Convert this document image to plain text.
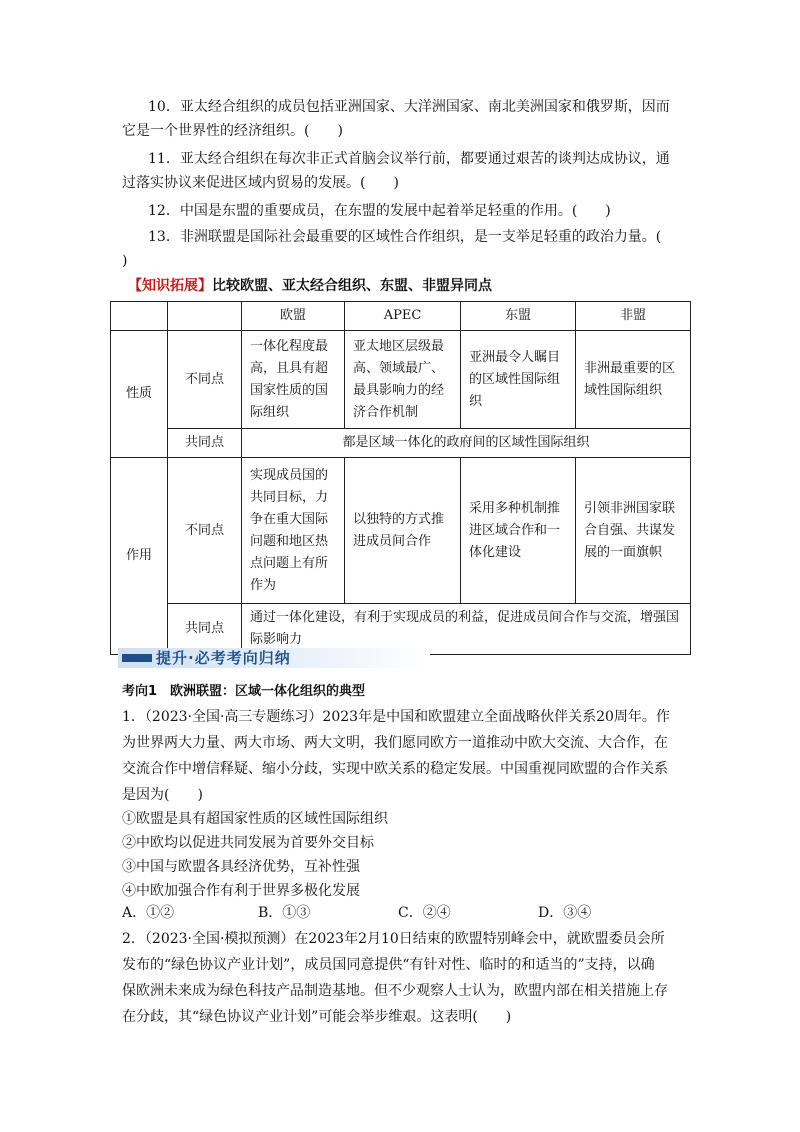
10．亚太经合组织的成员包括亚洲国家、大洋洲国家、南北美洲国家和俄罗斯，因而
它是一个世界性的经济组织。(　　)
11．亚太经合组织在每次非正式首脑会议举行前，都要通过艰苦的谈判达成协议，通
过落实协议来促进区域内贸易的发展。(　　)
12．中国是东盟的重要成员，在东盟的发展中起着举足轻重的作用。(　　)
13．非洲联盟是国际社会最重要的区域性合作组织，是一支举足轻重的政治力量。(
)
【知识拓展】比较欧盟、亚太经合组织、东盟、非盟异同点
		欧盟	APEC	东盟	非盟
性质	不同点	一体化程度最高，且具有超国家性质的国际组织	亚太地区层级最高、领域最广、最具影响力的经济合作机制	亚洲最令人瞩目的区域性国际组织	非洲最重要的区域性国际组织
	共同点	都是区域一体化的政府间的区域性国际组织			
作用	不同点	实现成员国的共同目标，力争在重大国际问题和地区热点问题上有所作为	以独特的方式推进成员间合作	采用多种机制推进区域合作和一体化建设	引领非洲国家联合自强、共谋发展的一面旗帜
	共同点	通过一体化建设，有利于实现成员的利益，促进成员间合作与交流，增强国际影响力			
提升·必考考向归纳
考向1　欧洲联盟：区域一体化组织的典型
1．（2023·全国·高三专题练习）2023年是中国和欧盟建立全面战略伙伴关系20周年。作
为世界两大力量、两大市场、两大文明，我们愿同欧方一道推动中欧大交流、大合作，在
交流合作中增信释疑、缩小分歧，实现中欧关系的稳定发展。中国重视同欧盟的合作关系
是因为(　　)
①欧盟是具有超国家性质的区域性国际组织
②中欧均以促进共同发展为首要外交目标
③中国与欧盟各具经济优势，互补性强
④中欧加强合作有利于世界多极化发展
A．①②	B．①③	C．②④	D．③④
2．（2023·全国·模拟预测）在2023年2月10日结束的欧盟特别峰会中，就欧盟委员会所
发布的“绿色协议产业计划”，成员国同意提供“有针对性、临时的和适当的”支持，以确
保欧洲未来成为绿色科技产品制造基地。但不少观察人士认为，欧盟内部在相关措施上存
在分歧，其“绿色协议产业计划”可能会举步维艰。这表明(　　)
